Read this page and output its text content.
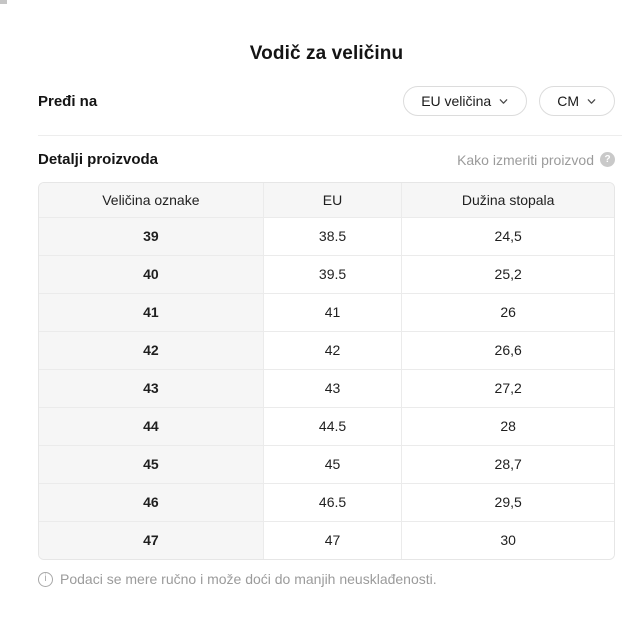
Vodič za veličinu
Pređi na	EU veličina	CM
Detalji proizvoda	Kako izmeriti proizvod	?
Veličina oznake	EU	Dužina stopala
39	38.5	24,5
40	39.5	25,2
41	41	26
42	42	26,6
43	43	27,2
44	44.5	28
45	45	28,7
46	46.5	29,5
47	47	30

i Podaci se mere ručno i može doći do manjih neusklađenosti.
